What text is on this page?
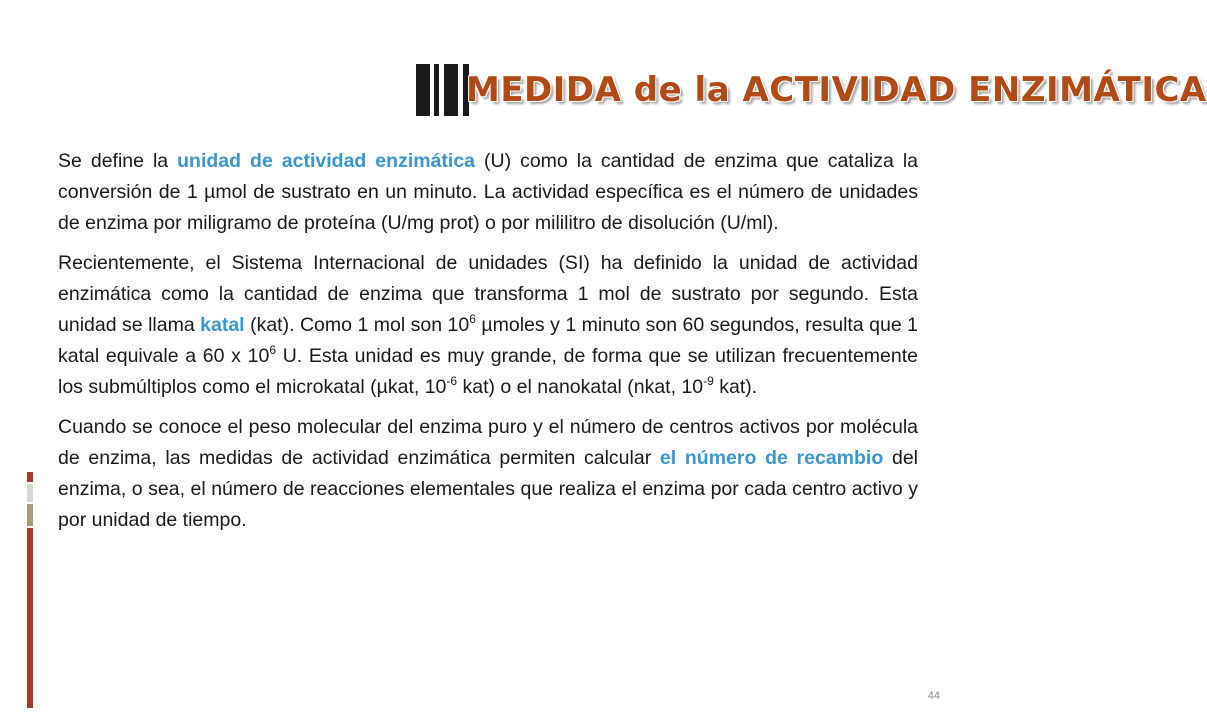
MEDIDA de la ACTIVIDAD ENZIMÁTICA

Se define la unidad de actividad enzimática (U) como la cantidad de enzima que cataliza la conversión de 1 µmol de sustrato en un minuto. La actividad específica es el número de unidades de enzima por miligramo de proteína (U/mg prot) o por mililitro de disolución (U/ml).

Recientemente, el Sistema Internacional de unidades (SI) ha definido la unidad de actividad enzimática como la cantidad de enzima que transforma 1 mol de sustrato por segundo. Esta unidad se llama katal (kat). Como 1 mol son $10^6$ µmoles y 1 minuto son 60 segundos, resulta que 1 katal equivale a 60 x $10^6$ U. Esta unidad es muy grande, de forma que se utilizan frecuentemente los submúltiplos como el microkatal (µkat, $10^{-6}$ kat) o el nanokatal (nkat, $10^{-9}$ kat).

Cuando se conoce el peso molecular del enzima puro y el número de centros activos por molécula de enzima, las medidas de actividad enzimática permiten calcular el número de recambio del enzima, o sea, el número de reacciones elementales que realiza el enzima por cada centro activo y por unidad de tiempo.

44
